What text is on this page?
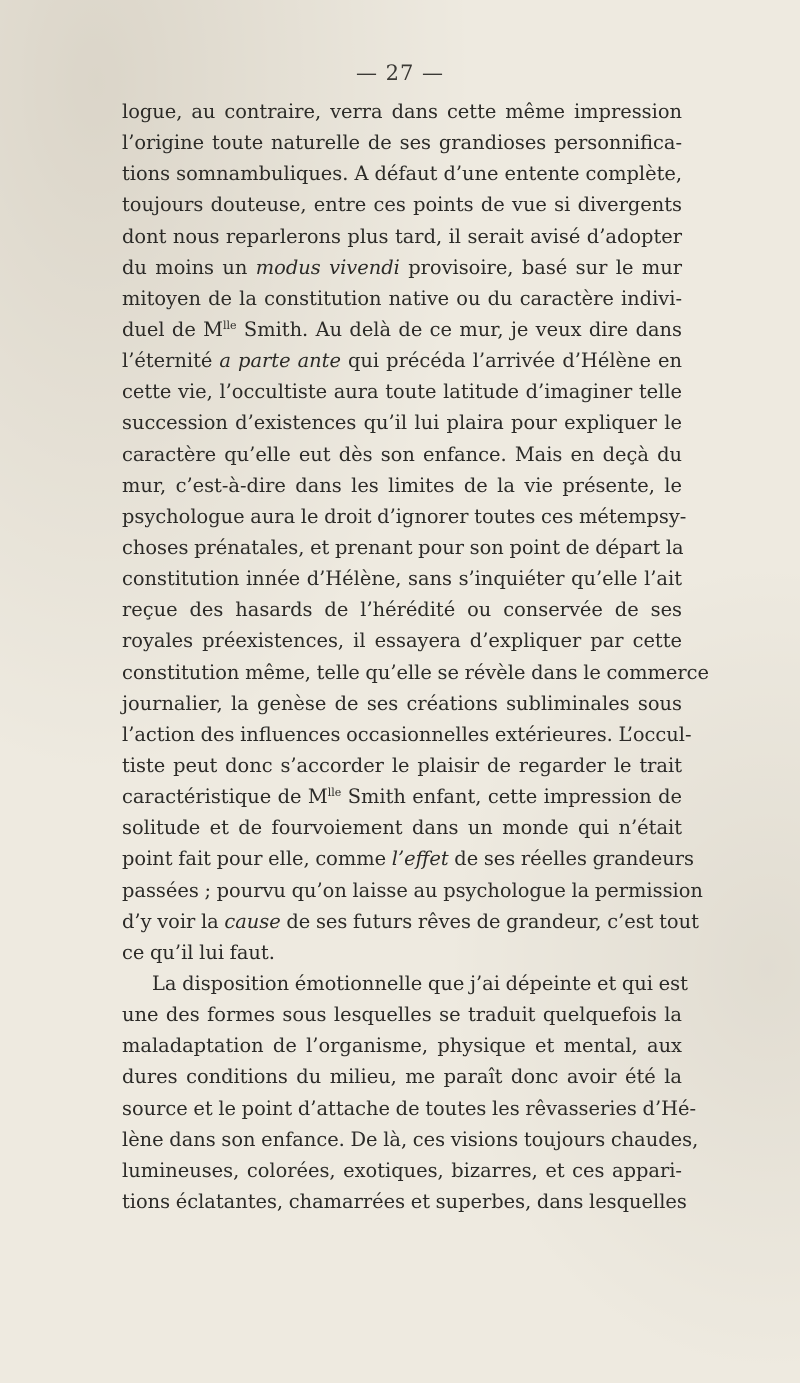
— 27 —
logue, au contraire, verra dans cette même impression
l’origine toute naturelle de ses grandioses personnifica-
tions somnambuliques. A défaut d’une entente complète,
toujours douteuse, entre ces points de vue si divergents
dont nous reparlerons plus tard, il serait avisé d’adopter
du moins un modus vivendi provisoire, basé sur le mur
mitoyen de la constitution native ou du caractère indivi-
duel de $M^{lle}$ Smith. Au delà de ce mur, je veux dire dans
l’éternité a parte ante qui précéda l’arrivée d’Hélène en
cette vie, l’occultiste aura toute latitude d’imaginer telle
succession d’existences qu’il lui plaira pour expliquer le
caractère qu’elle eut dès son enfance. Mais en deçà du
mur, c’est-à-dire dans les limites de la vie présente, le
psychologue aura le droit d’ignorer toutes ces métempsy-
choses prénatales, et prenant pour son point de départ la
constitution innée d’Hélène, sans s’inquiéter qu’elle l’ait
reçue des hasards de l’hérédité ou conservée de ses
royales préexistences, il essayera d’expliquer par cette
constitution même, telle qu’elle se révèle dans le commerce
journalier, la genèse de ses créations subliminales sous
l’action des influences occasionnelles extérieures. L’occul-
tiste peut donc s’accorder le plaisir de regarder le trait
caractéristique de $M^{lle}$ Smith enfant, cette impression de
solitude et de fourvoiement dans un monde qui n’était
point fait pour elle, comme l’effet de ses réelles grandeurs
passées ; pourvu qu’on laisse au psychologue la permission
d’y voir la cause de ses futurs rêves de grandeur, c’est tout
ce qu’il lui faut.
La disposition émotionnelle que j’ai dépeinte et qui est
une des formes sous lesquelles se traduit quelquefois la
maladaptation de l’organisme, physique et mental, aux
dures conditions du milieu, me paraît donc avoir été la
source et le point d’attache de toutes les rêvasseries d’Hé-
lène dans son enfance. De là, ces visions toujours chaudes,
lumineuses, colorées, exotiques, bizarres, et ces appari-
tions éclatantes, chamarrées et superbes, dans lesquelles
